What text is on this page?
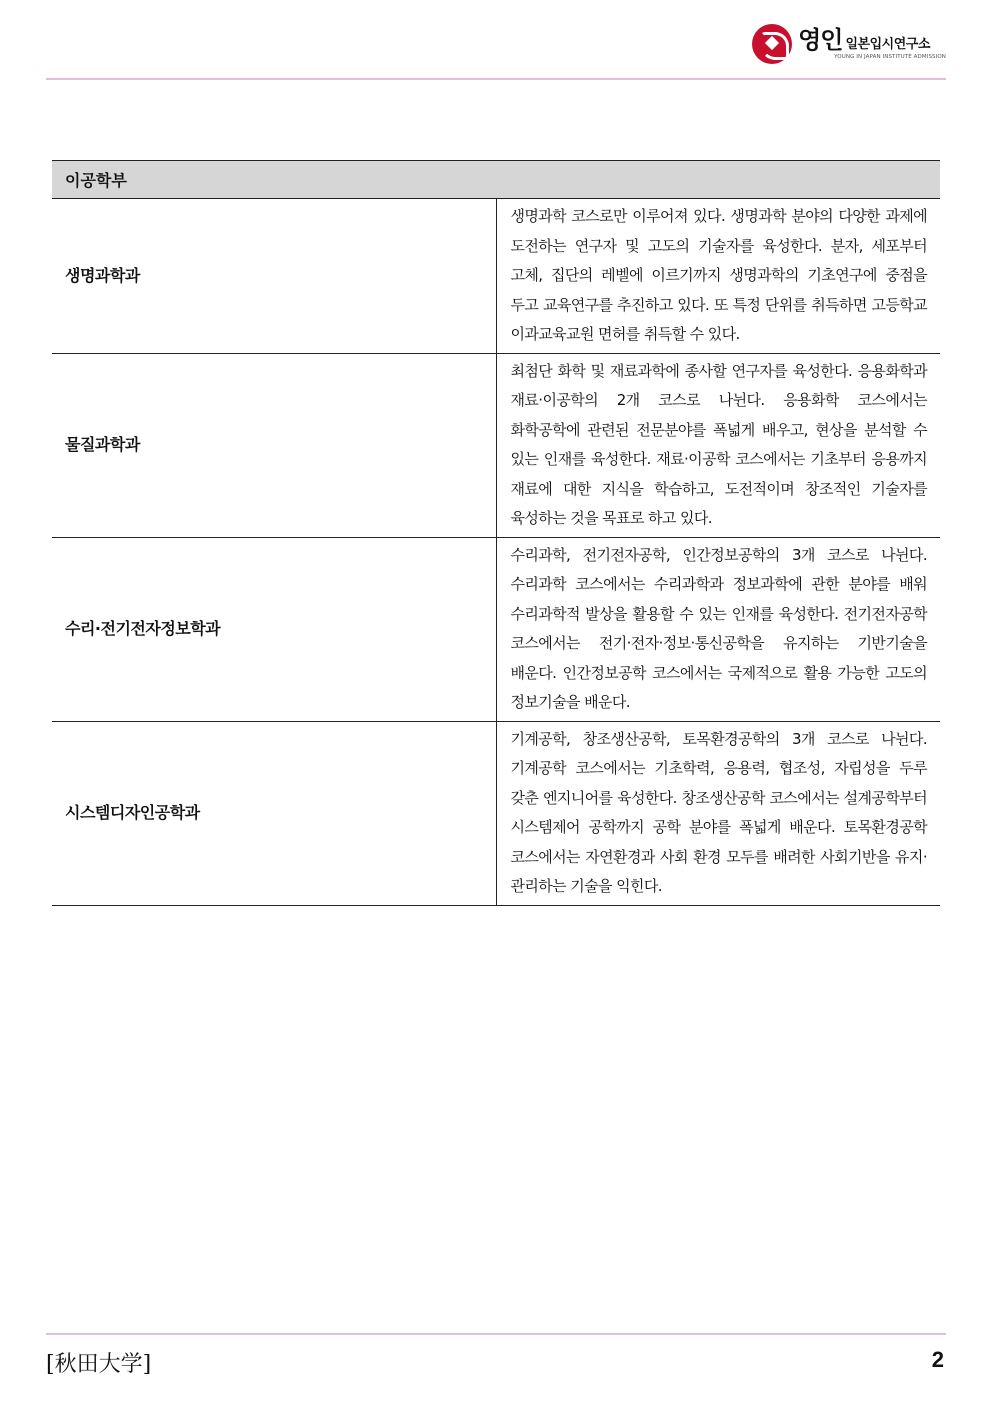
영인 일본입시연구소
YOUNG IN JAPAN INSTITUTE ADMISSION
이공학부	
생명과학과	생명과학 코스로만 이루어져 있다. 생명과학 분야의 다양한 과제에 도전하는 연구자 및 고도의 기술자를 육성한다. 분자, 세포부터 고체, 집단의 레벨에 이르기까지 생명과학의 기초연구에 중점을 두고 교육연구를 추진하고 있다. 또 특정 단위를 취득하면 고등학교 이과교육교원 면허를 취득할 수 있다.
물질과학과	최첨단 화학 및 재료과학에 종사할 연구자를 육성한다. 응용화학과 재료·이공학의 2개 코스로 나뉜다. 응용화학 코스에서는 화학공학에 관련된 전문분야를 폭넓게 배우고, 현상을 분석할 수 있는 인재를 육성한다. 재료·이공학 코스에서는 기초부터 응용까지 재료에 대한 지식을 학습하고, 도전적이며 창조적인 기술자를 육성하는 것을 목표로 하고 있다.
수리·전기전자정보학과	수리과학, 전기전자공학, 인간정보공학의 3개 코스로 나뉜다. 수리과학 코스에서는 수리과학과 정보과학에 관한 분야를 배워 수리과학적 발상을 활용할 수 있는 인재를 육성한다. 전기전자공학 코스에서는 전기·전자·정보·통신공학을 유지하는 기반기술을 배운다. 인간정보공학 코스에서는 국제적으로 활용 가능한 고도의 정보기술을 배운다.
시스템디자인공학과	기계공학, 창조생산공학, 토목환경공학의 3개 코스로 나뉜다. 기계공학 코스에서는 기초학력, 응용력, 협조성, 자립성을 두루 갖춘 엔지니어를 육성한다. 창조생산공학 코스에서는 설계공학부터 시스템제어 공학까지 공학 분야를 폭넓게 배운다. 토목환경공학 코스에서는 자연환경과 사회 환경 모두를 배려한 사회기반을 유지·관리하는 기술을 익힌다.
[秋田大学]	2
